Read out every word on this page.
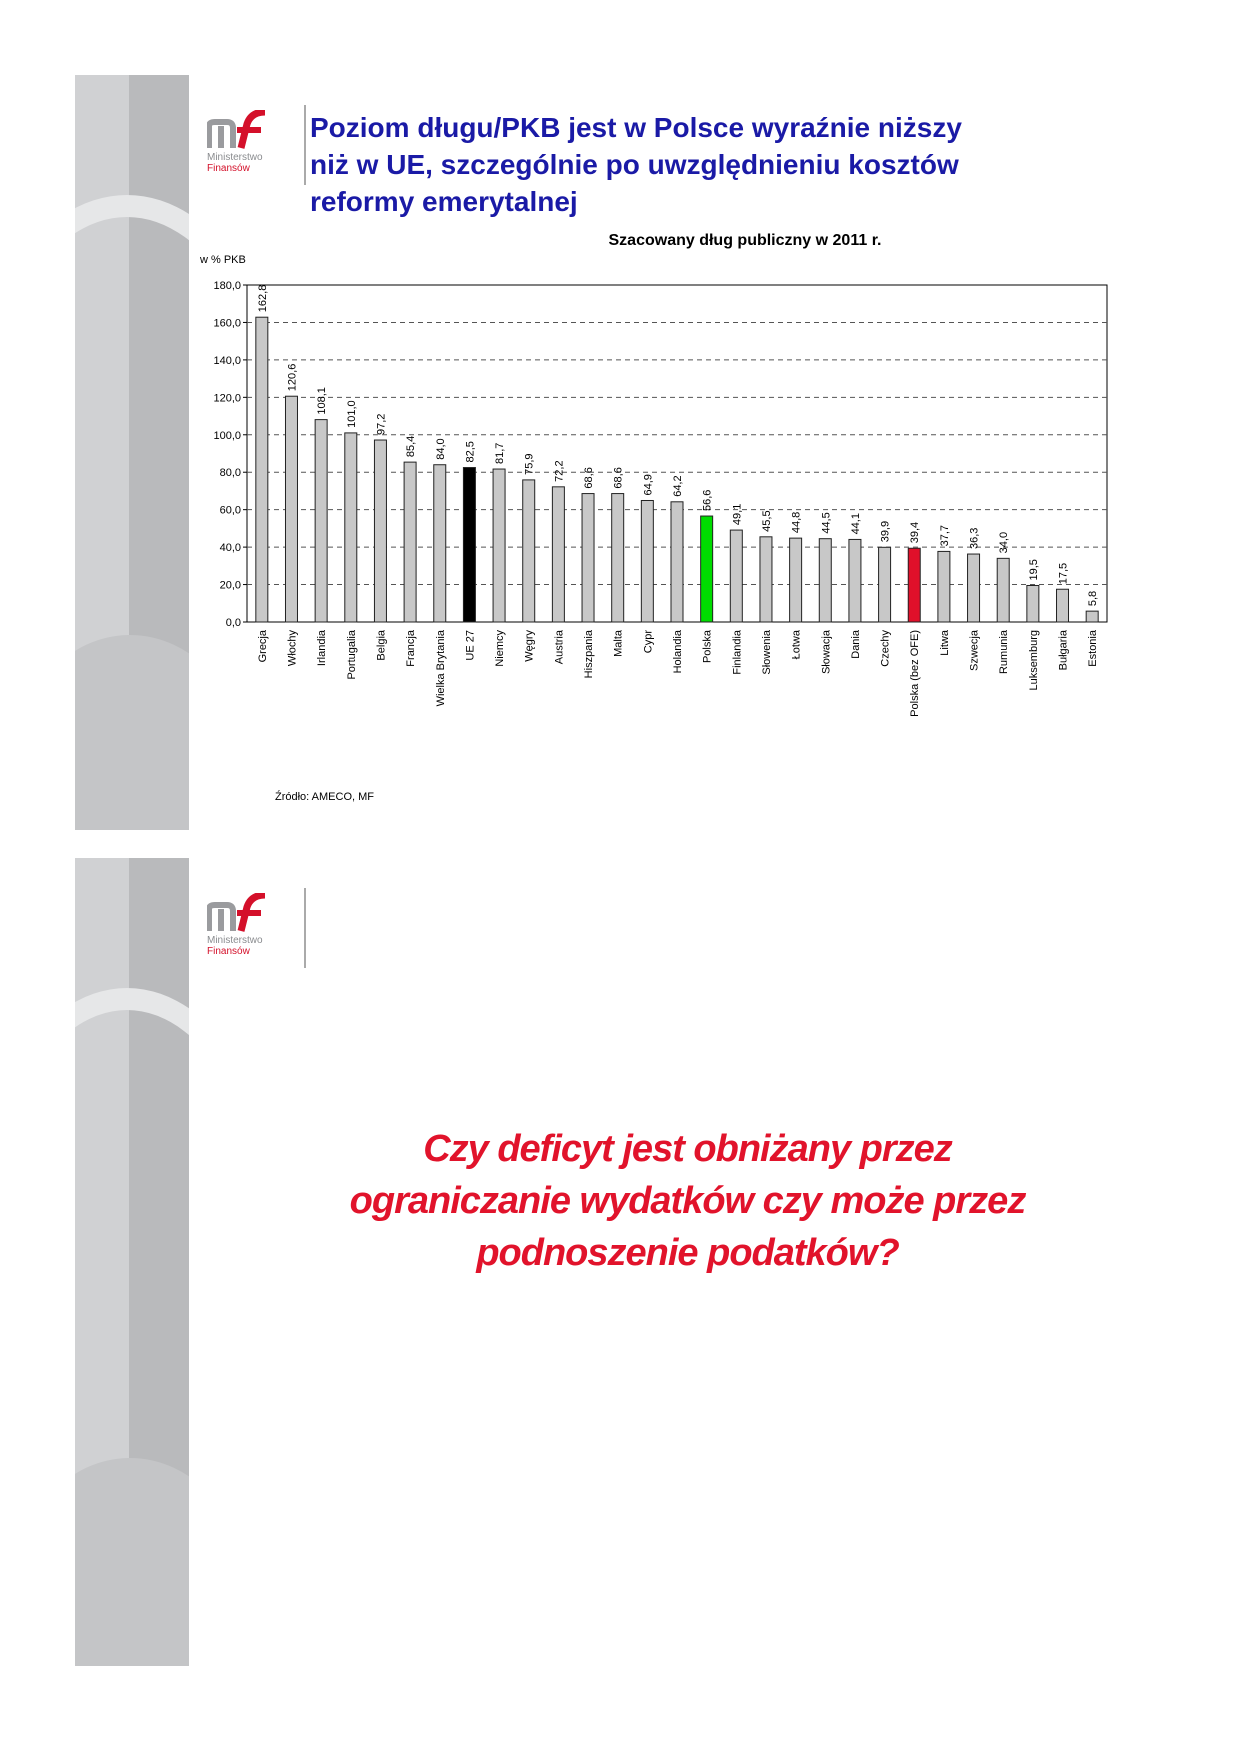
Ministerstwo
Finansów
Poziom długu/PKB jest w Polsce wyraźnie niższy
niż w UE, szczególnie po uwzględnieniu kosztów
reformy emerytalnej
Szacowany dług publiczny w 2011 r.
w % PKB
0,0
20,0
40,0
60,0
80,0
100,0
120,0
140,0
160,0
180,0 162,8
Grecja
120,6
Włochy
108,1
Irlandia
101,0
Portugalia
97,2
Belgia
85,4
Francja
84,0
Wielka Brytania
82,5
UE 27
81,7
Niemcy
75,9
Węgry
72,2
Austria
68,6
Hiszpania
68,6
Malta
64,9
Cypr
64,2
Holandia
56,6
Polska
49,1
Finlandia
45,5
Słowenia
44,8
Łotwa
44,5
Słowacja
44,1
Dania
39,9
Czechy
39,4
Polska (bez OFE)
37,7
Litwa
36,3
Szwecja
34,0
Rumunia
19,5
Luksemburg
17,5
Bułgaria
5,8
Estonia
Źródło: AMECO, MF
Ministerstwo
Finansów
Czy deficyt jest obniżany przez
ograniczanie wydatków czy może przez
podnoszenie podatków?
